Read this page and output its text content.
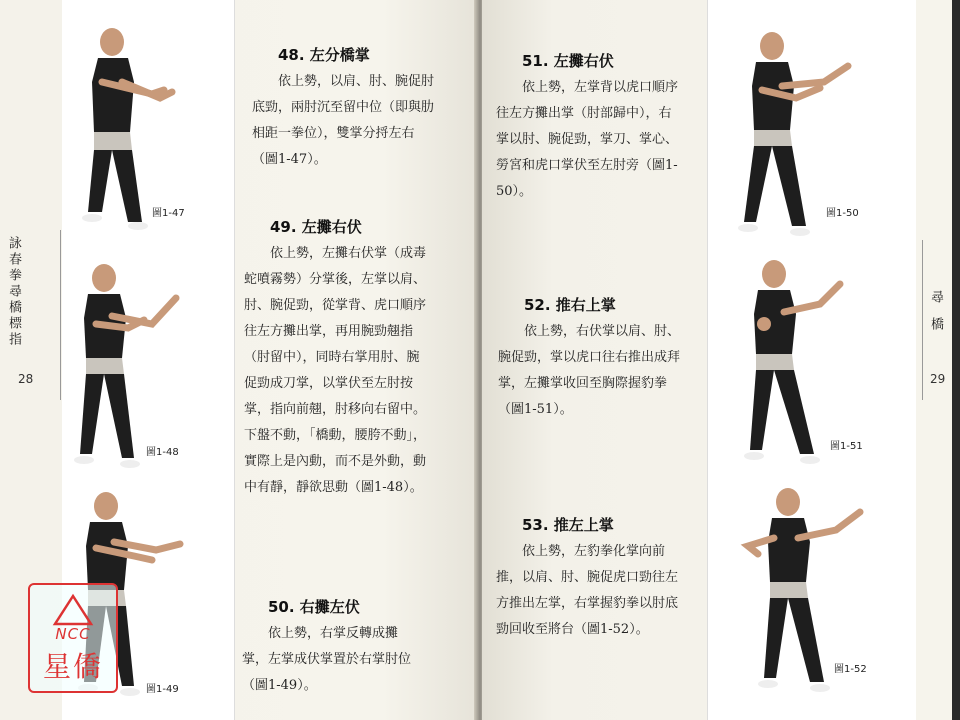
詠春拳尋橋標指
28
圖1-47
圖1-48
圖1-49
48. 左分橋掌

依上勢，以肩、肘、腕促肘底勁，兩肘沉至留中位（即與肋相距一拳位），雙掌分捋左右（圖1-47）。

49. 左攤右伏

依上勢，左攤右伏掌（成毒蛇噴霧勢）分掌後，左掌以肩、肘、腕促勁，從掌背、虎口順序往左方攤出掌，再用腕勁翹指（肘留中），同時右掌用肘、腕促勁成刀掌，以掌伏至左肘按掌，指向前翹，肘移向右留中。下盤不動，「橋動，腰胯不動」，實際上是內動，而不是外動，動中有靜，靜欲思動（圖1-48）。

50. 右攤左伏

依上勢，右掌反轉成攤掌，左掌成伏掌置於右掌肘位（圖1-49）。

尋橋
29
圖1-50
圖1-51
圖1-52
51. 左攤右伏

依上勢，左掌背以虎口順序往左方攤出掌（肘部歸中），右掌以肘、腕促勁，掌刀、掌心、勞宮和虎口掌伏至左肘旁（圖1-50）。

52. 推右上掌

依上勢，右伏掌以肩、肘、腕促勁，掌以虎口往右推出成拜掌，左攤掌收回至胸際握豹拳（圖1-51）。

53. 推左上掌

依上勢，左豹拳化掌向前推，以肩、肘、腕促虎口勁往左方推出左掌，右掌握豹拳以肘底勁回收至將台（圖1-52）。

NCC
星僑
